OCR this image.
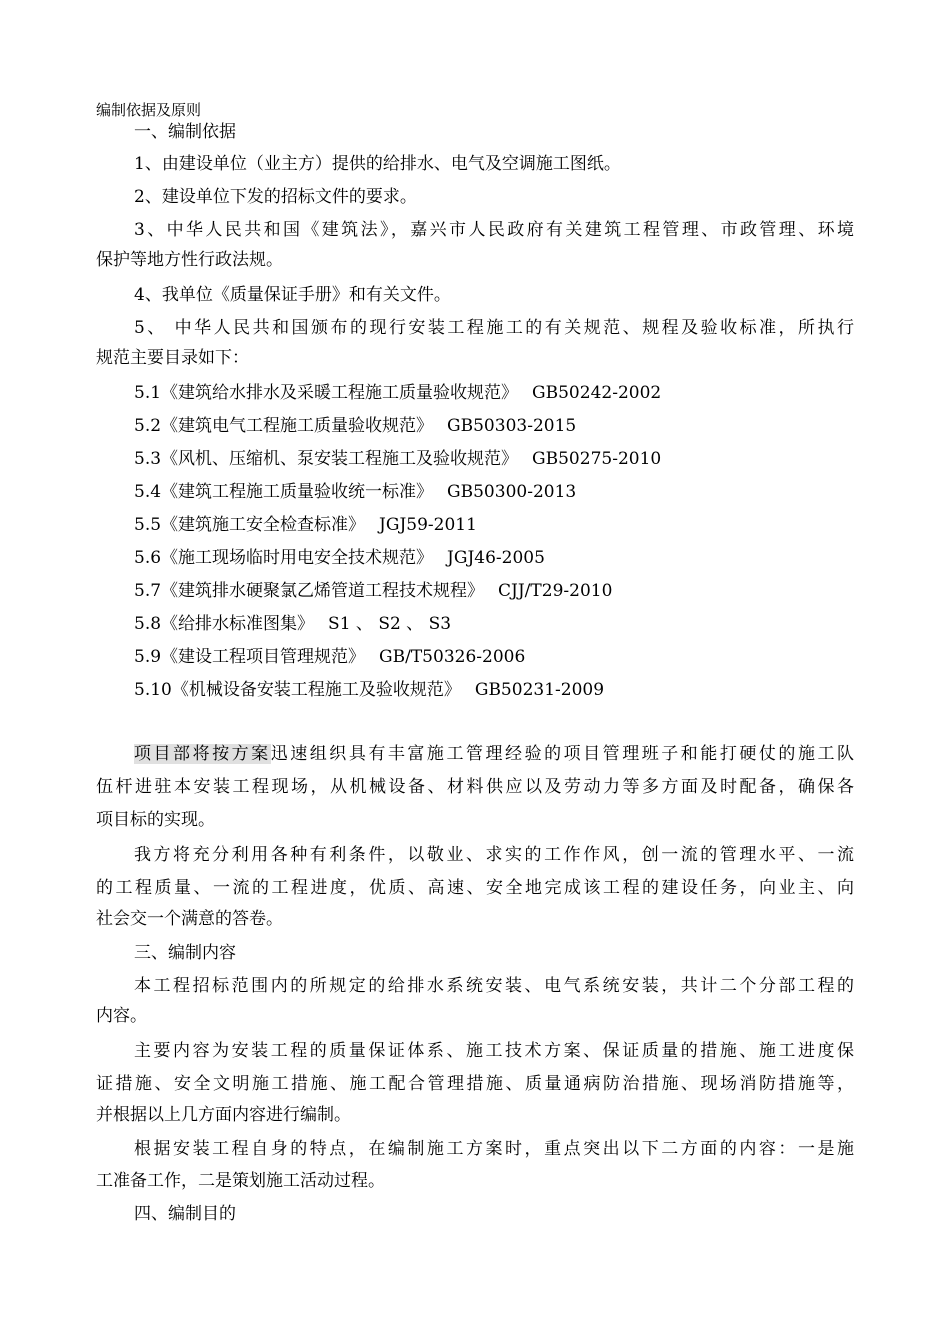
编制依据及原则
一、编制依据
1、由建设单位（业主方）提供的给排水、电气及空调施工图纸。
2、建设单位下发的招标文件的要求。
3、中华人民共和国《建筑法》，嘉兴市人民政府有关建筑工程管理、市政管理、环境
保护等地方性行政法规。
4、我单位《质量保证手册》和有关文件。
5、 中华人民共和国颁布的现行安装工程施工的有关规范、规程及验收标准，所执行
规范主要目录如下：
5.1《建筑给水排水及采暖工程施工质量验收规范》 GB50242-2002
5.2《建筑电气工程施工质量验收规范》 GB50303-2015
5.3《风机、压缩机、泵安装工程施工及验收规范》 GB50275-2010
5.4《建筑工程施工质量验收统一标准》 GB50300-2013
5.5《建筑施工安全检查标准》 JGJ59-2011
5.6《施工现场临时用电安全技术规范》 JGJ46-2005
5.7《建筑排水硬聚氯乙烯管道工程技术规程》 CJJ/T29-2010
5.8《给排水标准图集》 S1 、 S2 、 S3
5.9《建设工程项目管理规范》 GB/T50326-2006
5.10《机械设备安装工程施工及验收规范》 GB50231-2009
项目部将按方案迅速组织具有丰富施工管理经验的项目管理班子和能打硬仗的施工队
伍杆进驻本安装工程现场，从机械设备、材料供应以及劳动力等多方面及时配备，确保各
项目标的实现。
我方将充分利用各种有利条件，以敬业、求实的工作作风，创一流的管理水平、一流
的工程质量、一流的工程进度，优质、高速、安全地完成该工程的建设任务，向业主、向
社会交一个满意的答卷。
三、编制内容
本工程招标范围内的所规定的给排水系统安装、电气系统安装，共计二个分部工程的
内容。
主要内容为安装工程的质量保证体系、施工技术方案、保证质量的措施、施工进度保
证措施、安全文明施工措施、施工配合管理措施、质量通病防治措施、现场消防措施等，
并根据以上几方面内容进行编制。
根据安装工程自身的特点，在编制施工方案时，重点突出以下二方面的内容：一是施
工准备工作，二是策划施工活动过程。
四、编制目的
